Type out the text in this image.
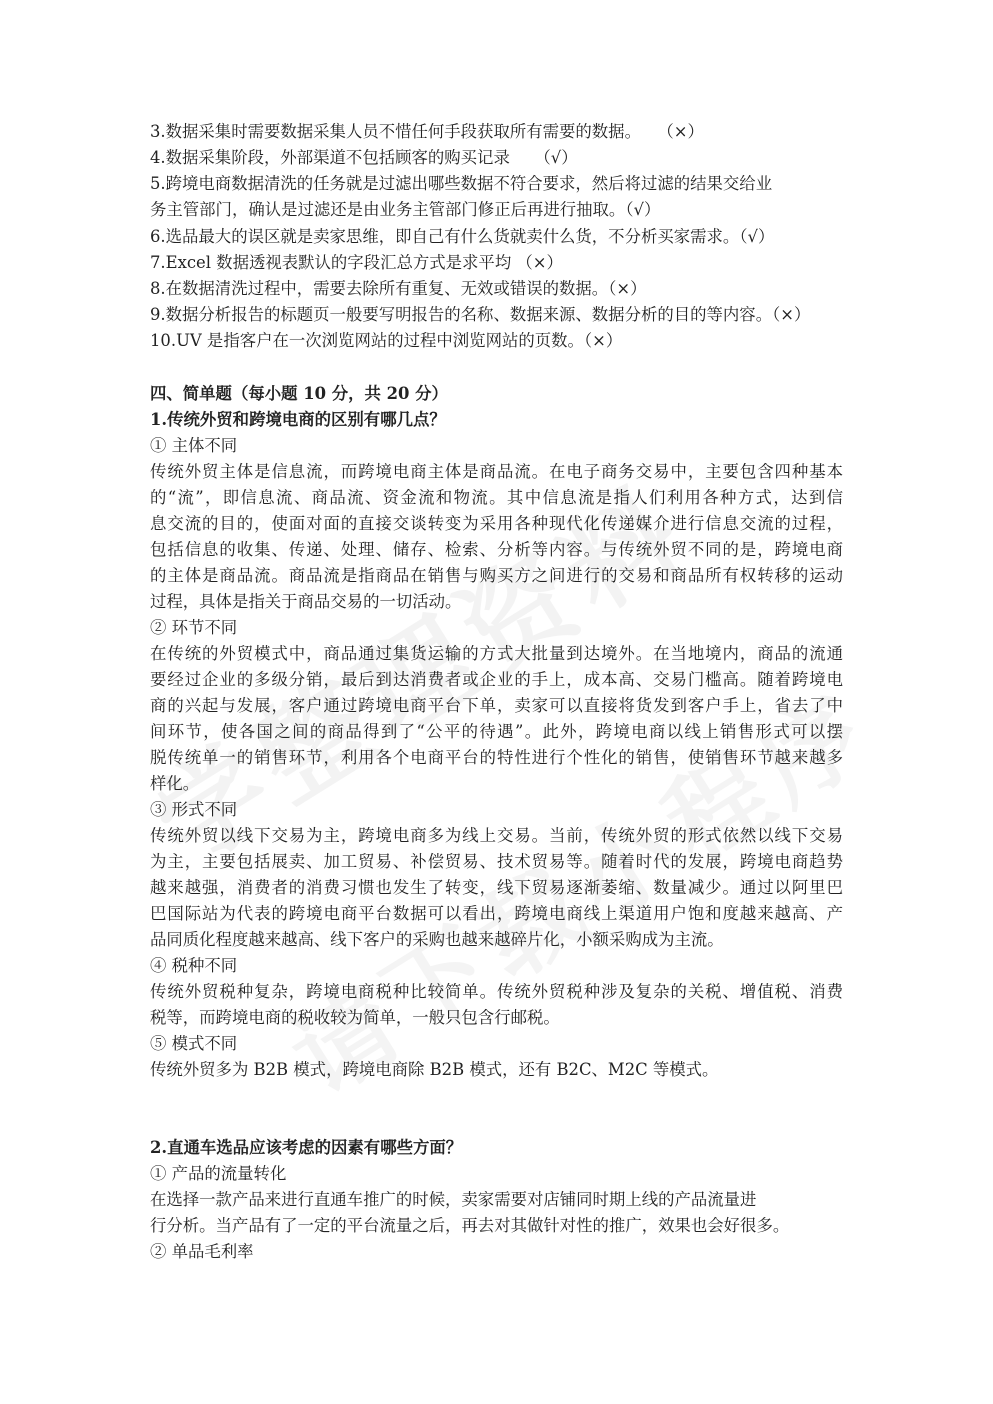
3.数据采集时需要数据采集人员不惜任何手段获取所有需要的数据。　　（×）
4.数据采集阶段，外部渠道不包括顾客的购买记录　　（√）
5.跨境电商数据清洗的任务就是过滤出哪些数据不符合要求，然后将过滤的结果交给业
务主管部门，确认是过滤还是由业务主管部门修正后再进行抽取。（√）
6.选品最大的误区就是卖家思维，即自己有什么货就卖什么货，不分析买家需求。（√）
7.Excel 数据透视表默认的字段汇总方式是求平均 （×）
8.在数据清洗过程中，需要去除所有重复、无效或错误的数据。（×）
9.数据分析报告的标题页一般要写明报告的名称、数据来源、数据分析的目的等内容。（×）
10.UV 是指客户在一次浏览网站的过程中浏览网站的页数。（×）
四、简单题（每小题 10 分，共 20 分）
1.传统外贸和跨境电商的区别有哪几点？
① 主体不同
传统外贸主体是信息流，而跨境电商主体是商品流。在电子商务交易中，主要包含四种基本
的“流”，即信息流、商品流、资金流和物流。其中信息流是指人们利用各种方式，达到信
息交流的目的，使面对面的直接交谈转变为采用各种现代化传递媒介进行信息交流的过程，
包括信息的收集、传递、处理、储存、检索、分析等内容。与传统外贸不同的是，跨境电商
的主体是商品流。商品流是指商品在销售与购买方之间进行的交易和商品所有权转移的运动
过程，具体是指关于商品交易的一切活动。
② 环节不同
在传统的外贸模式中，商品通过集货运输的方式大批量到达境外。在当地境内，商品的流通
要经过企业的多级分销，最后到达消费者或企业的手上，成本高、交易门槛高。随着跨境电
商的兴起与发展，客户通过跨境电商平台下单，卖家可以直接将货发到客户手上，省去了中
间环节，使各国之间的商品得到了“公平的待遇”。此外，跨境电商以线上销售形式可以摆
脱传统单一的销售环节，利用各个电商平台的特性进行个性化的销售，使销售环节越来越多
样化。
③ 形式不同
传统外贸以线下交易为主，跨境电商多为线上交易。当前，传统外贸的形式依然以线下交易
为主，主要包括展卖、加工贸易、补偿贸易、技术贸易等。随着时代的发展，跨境电商趋势
越来越强，消费者的消费习惯也发生了转变，线下贸易逐渐萎缩、数量减少。通过以阿里巴
巴国际站为代表的跨境电商平台数据可以看出，跨境电商线上渠道用户饱和度越来越高、产
品同质化程度越来越高、线下客户的采购也越来越碎片化，小额采购成为主流。
④ 税种不同
传统外贸税种复杂，跨境电商税种比较简单。传统外贸税种涉及复杂的关税、增值税、消费
税等，而跨境电商的税收较为简单，一般只包含行邮税。
⑤ 模式不同
传统外贸多为 B2B 模式，跨境电商除 B2B 模式，还有 B2C、M2C 等模式。
2.直通车选品应该考虑的因素有哪些方面？
① 产品的流量转化
在选择一款产品来进行直通车推广的时候，卖家需要对店铺同时期上线的产品流量进
行分析。当产品有了一定的平台流量之后，再去对其做针对性的推广，效果也会好很多。
② 单品毛利率
